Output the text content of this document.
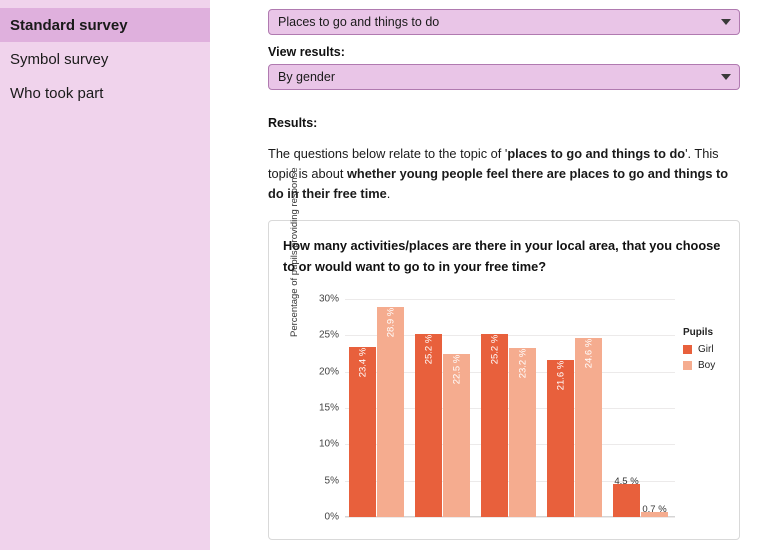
Standard survey
Symbol survey
Who took part
Places to go and things to do
View results:
By gender
Results:
The questions below relate to the topic of 'places to go and things to do'. This topic is about whether young people feel there are places to go and things to do in their free time.
How many activities/places are there in your local area, that you choose to or would want to go to in your free time?
Percentage of pupils providing response
0%
5%
10%
15%
20%
25%
30%
23.4 %
28.9 %
25.2 %
22.5 %
25.2 % 23.2 %	21.6 %
24.6 %
4.5 %
0.7 %
Pupils
Girl
Boy
